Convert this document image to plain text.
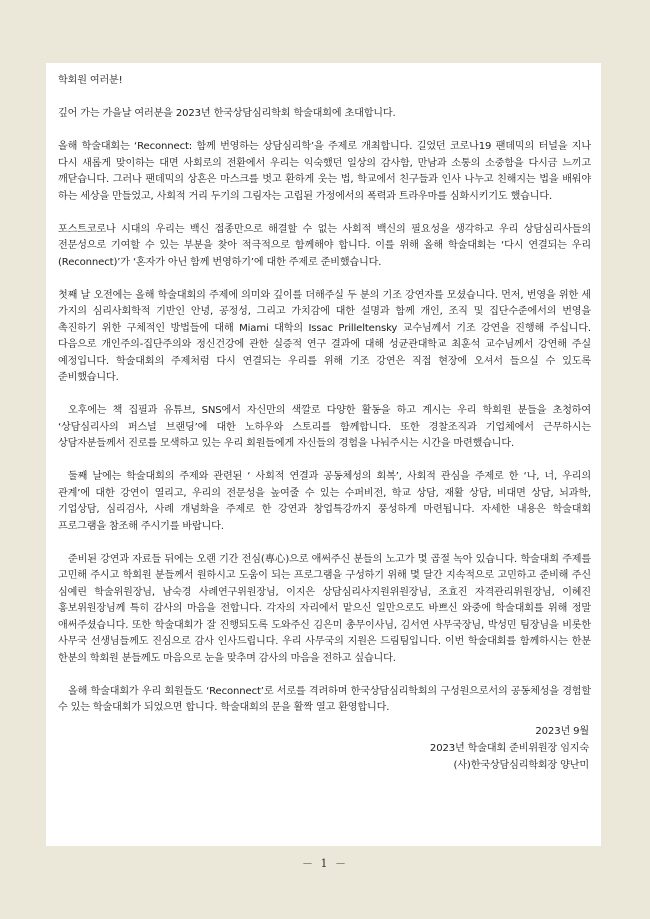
학회원 여러분!

깊어 가는 가을날 여러분을 2023년 한국상담심리학회 학술대회에 초대합니다.

올해 학술대회는 ‘Reconnect: 함께 번영하는 상담심리학’을 주제로 개최합니다. 길었던 코로나19 팬데믹의 터널을 지나 다시 새롭게 맞이하는 대면 사회로의 전환에서 우리는 익숙했던 일상의 감사함, 만남과 소통의 소중함을 다시금 느끼고 깨닫습니다. 그러나 팬데믹의 상흔은 마스크를 벗고 환하게 웃는 법, 학교에서 친구들과 인사 나누고 친해지는 법을 배워야 하는 세상을 만들었고, 사회적 거리 두기의 그림자는 고립된 가정에서의 폭력과 트라우마를 심화시키기도 했습니다.

포스트코로나 시대의 우리는 백신 접종만으로 해결할 수 없는 사회적 백신의 필요성을 생각하고 우리 상담심리사들의 전문성으로 기여할 수 있는 부분을 찾아 적극적으로 함께해야 합니다. 이를 위해 올해 학술대회는 ‘다시 연결되는 우리(Reconnect)’가 ‘혼자가 아닌 함께 번영하기’에 대한 주제로 준비했습니다.

첫째 날 오전에는 올해 학술대회의 주제에 의미와 깊이를 더해주실 두 분의 기조 강연자를 모셨습니다. 먼저, 번영을 위한 세 가지의 심리사회학적 기반인 안녕, 공정성, 그리고 가치감에 대한 설명과 함께 개인, 조직 및 집단수준에서의 번영을 촉진하기 위한 구체적인 방법들에 대해 Miami 대학의 Issac Prilleltensky 교수님께서 기조 강연을 진행해 주십니다. 다음으로 개인주의-집단주의와 정신건강에 관한 실증적 연구 결과에 대해 성균관대학교 최훈석 교수님께서 강연해 주실 예정입니다. 학술대회의 주제처럼 다시 연결되는 우리를 위해 기조 강연은 직접 현장에 오셔서 들으실 수 있도록 준비했습니다.

오후에는 책 집필과 유튜브, SNS에서 자신만의 색깔로 다양한 활동을 하고 계시는 우리 학회원 분들을 초청하여 ‘상담심리사의 퍼스널 브랜딩’에 대한 노하우와 스토리를 함께합니다. 또한 경찰조직과 기업체에서 근무하시는 상담자분들께서 진로를 모색하고 있는 우리 회원들에게 자신들의 경험을 나눠주시는 시간을 마련했습니다.

둘째 날에는 학술대회의 주제와 관련된 ‘ 사회적 연결과 공동체성의 회복’, 사회적 관심을 주제로 한 ‘나, 너, 우리의 관계’에 대한 강연이 열리고, 우리의 전문성을 높여줄 수 있는 수퍼비전, 학교 상담, 재활 상담, 비대면 상담, 뇌과학, 기업상담, 심리검사, 사례 개념화을 주제로 한 강연과 창업특강까지 풍성하게 마련됩니다. 자세한 내용은 학술대회 프로그램을 참조해 주시기를 바랍니다.

준비된 강연과 자료들 뒤에는 오랜 기간 전심(專心)으로 애써주신 분들의 노고가 몇 곱절 녹아 있습니다. 학술대회 주제를 고민해 주시고 학회원 분들께서 원하시고 도움이 되는 프로그램을 구성하기 위해 몇 달간 지속적으로 고민하고 준비해 주신 심예린 학술위원장님, 남숙경 사례연구위원장님, 이지은 상담심리사지원위원장님, 조효진 자격관리위원장님, 이혜진 홍보위원장님께 특히 감사의 마음을 전합니다. 각자의 자리에서 맡으신 일만으로도 바쁘신 와중에 학술대회를 위해 정말 애써주셨습니다. 또한 학술대회가 잘 진행되도록 도와주신 김은미 총무이사님, 김서연 사무국장님, 박성민 팀장님을 비롯한 사무국 선생님들께도 진심으로 감사 인사드립니다. 우리 사무국의 지원은 드림팀입니다. 이번 학술대회를 함께하시는 한분 한분의 학회원 분들께도 마음으로 눈을 맞추며 감사의 마음을 전하고 싶습니다.

올해 학술대회가 우리 회원들도 ‘Reconnect’로 서로를 격려하며 한국상담심리학회의 구성원으로서의 공동체성을 경험할 수 있는 학술대회가 되었으면 합니다. 학술대회의 문을 활짝 열고 환영합니다.

2023년 9월
2023년 학술대회 준비위원장 임지숙
(사)한국상담심리학회장 양난미
－ 1 －
